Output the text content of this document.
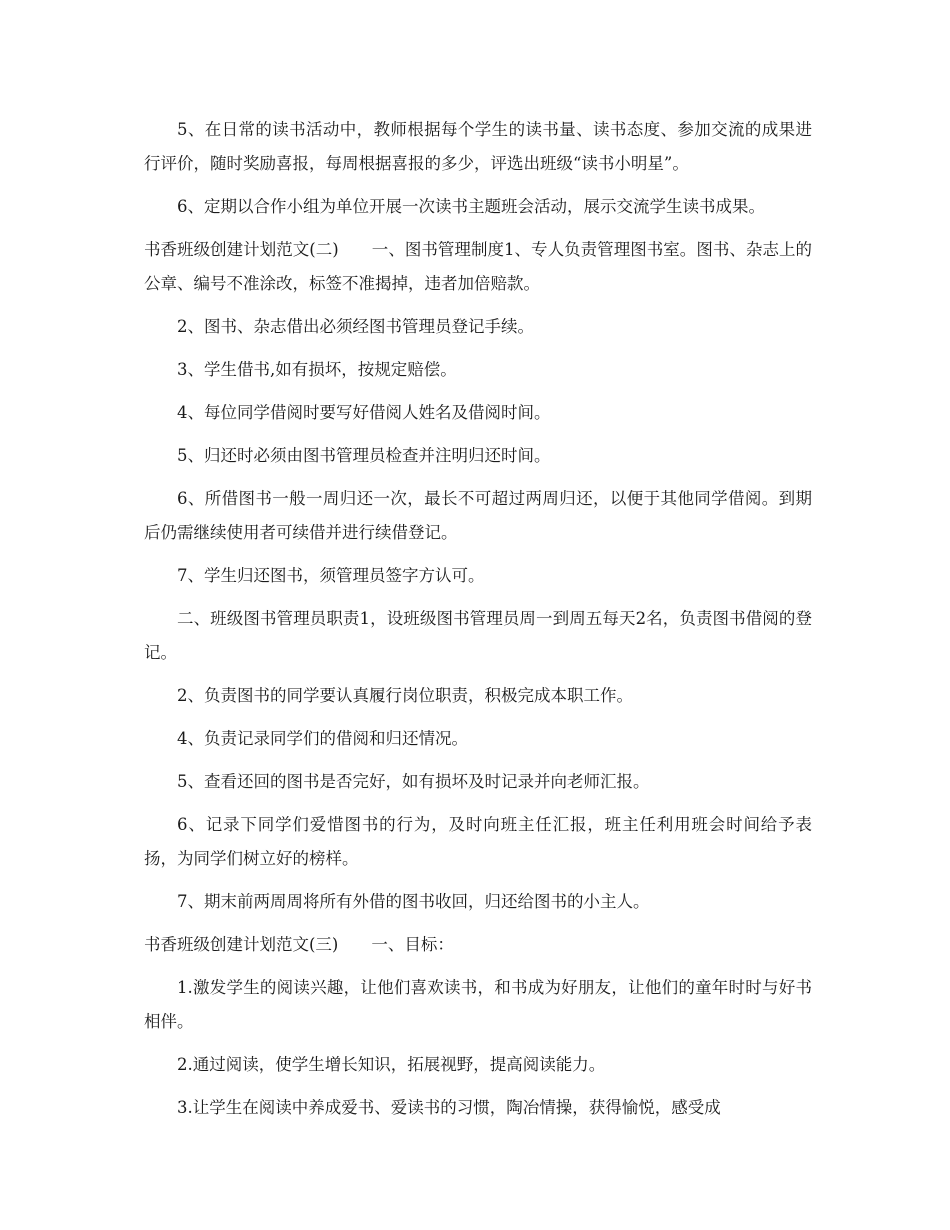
5、在日常的读书活动中，教师根据每个学生的读书量、读书态度、参加交流的成果进行评价，随时奖励喜报，每周根据喜报的多少，评选出班级“读书小明星”。

6、定期以合作小组为单位开展一次读书主题班会活动，展示交流学生读书成果。

书香班级创建计划范文(二)　　一、图书管理制度1、专人负责管理图书室。图书、杂志上的公章、编号不准涂改，标签不准揭掉，违者加倍赔款。

2、图书、杂志借出必须经图书管理员登记手续。

3、学生借书,如有损坏，按规定赔偿。

4、每位同学借阅时要写好借阅人姓名及借阅时间。

5、归还时必须由图书管理员检查并注明归还时间。

6、所借图书一般一周归还一次，最长不可超过两周归还，以便于其他同学借阅。到期后仍需继续使用者可续借并进行续借登记。

7、学生归还图书，须管理员签字方认可。

二、班级图书管理员职责1，设班级图书管理员周一到周五每天2名，负责图书借阅的登记。

2、负责图书的同学要认真履行岗位职责，积极完成本职工作。

4、负责记录同学们的借阅和归还情况。

5、查看还回的图书是否完好，如有损坏及时记录并向老师汇报。

6、记录下同学们爱惜图书的行为，及时向班主任汇报，班主任利用班会时间给予表扬，为同学们树立好的榜样。

7、期末前两周周将所有外借的图书收回，归还给图书的小主人。

书香班级创建计划范文(三)　　一、目标：

1.激发学生的阅读兴趣，让他们喜欢读书，和书成为好朋友，让他们的童年时时与好书相伴。

2.通过阅读，使学生增长知识，拓展视野，提高阅读能力。

3.让学生在阅读中养成爱书、爱读书的习惯，陶冶情操，获得愉悦，感受成
